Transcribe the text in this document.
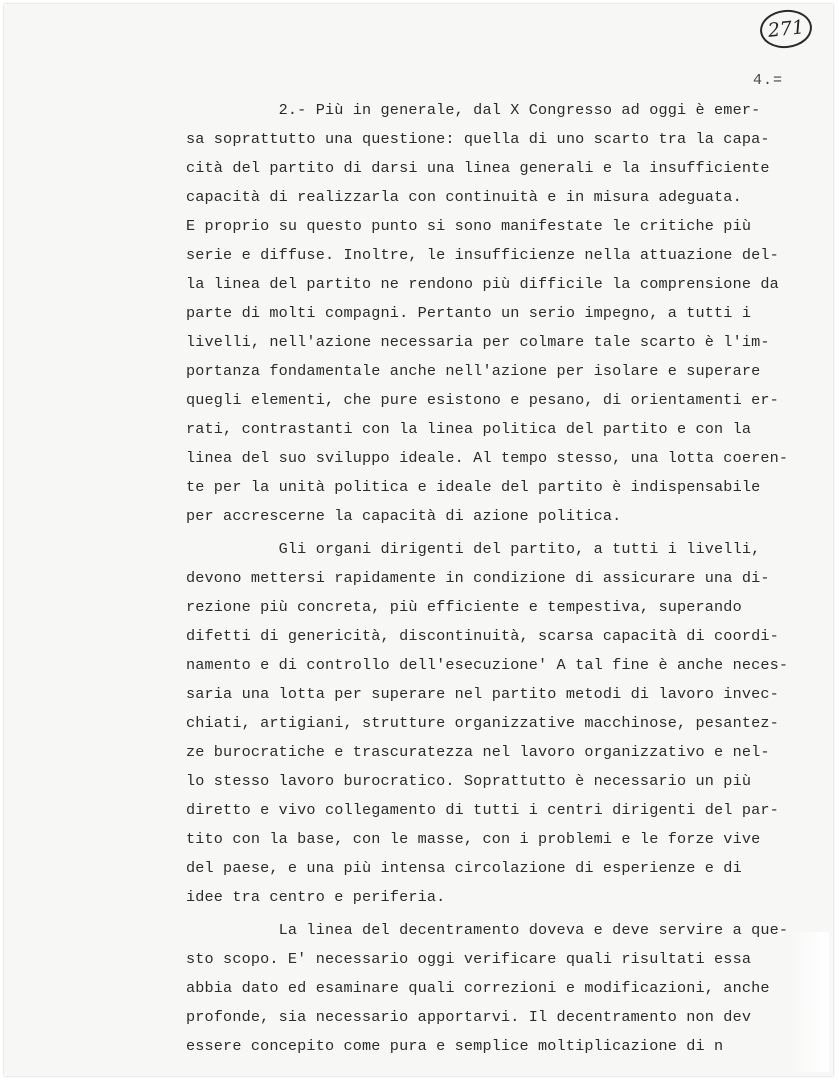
271
4.=
2.- Più in generale, dal X Congresso ad oggi è emer-
sa soprattutto una questione: quella di uno scarto tra la capa-
cità del partito di darsi una linea generali e la insufficiente
capacità di realizzarla con continuità e in misura adeguata.
E proprio su questo punto si sono manifestate le critiche più
serie e diffuse. Inoltre, le insufficienze nella attuazione del-
la linea del partito ne rendono più difficile la comprensione da
parte di molti compagni. Pertanto un serio impegno, a tutti i
livelli, nell'azione necessaria per colmare tale scarto è l'im-
portanza fondamentale anche nell'azione per isolare e superare
quegli elementi, che pure esistono e pesano, di orientamenti er-
rati, contrastanti con la linea politica del partito e con la
linea del suo sviluppo ideale. Al tempo stesso, una lotta coeren-
te per la unità politica e ideale del partito è indispensabile
per accrescerne la capacità di azione politica.
Gli organi dirigenti del partito, a tutti i livelli,
devono mettersi rapidamente in condizione di assicurare una di-
rezione più concreta, più efficiente e tempestiva, superando
difetti di genericità, discontinuità, scarsa capacità di coordi-
namento e di controllo dell'esecuzione' A tal fine è anche neces-
saria una lotta per superare nel partito metodi di lavoro invec-
chiati, artigiani, strutture organizzative macchinose, pesantez-
ze burocratiche e trascuratezza nel lavoro organizzativo e nel-
lo stesso lavoro burocratico. Soprattutto è necessario un più
diretto e vivo collegamento di tutti i centri dirigenti del par-
tito con la base, con le masse, con i problemi e le forze vive
del paese, e una più intensa circolazione di esperienze e di
idee tra centro e periferia.
La linea del decentramento doveva e deve servire a que-
sto scopo. E' necessario oggi verificare quali risultati essa
abbia dato ed esaminare quali correzioni e modificazioni, anche
profonde, sia necessario apportarvi. Il decentramento non dev
essere concepito come pura e semplice moltiplicazione di n
